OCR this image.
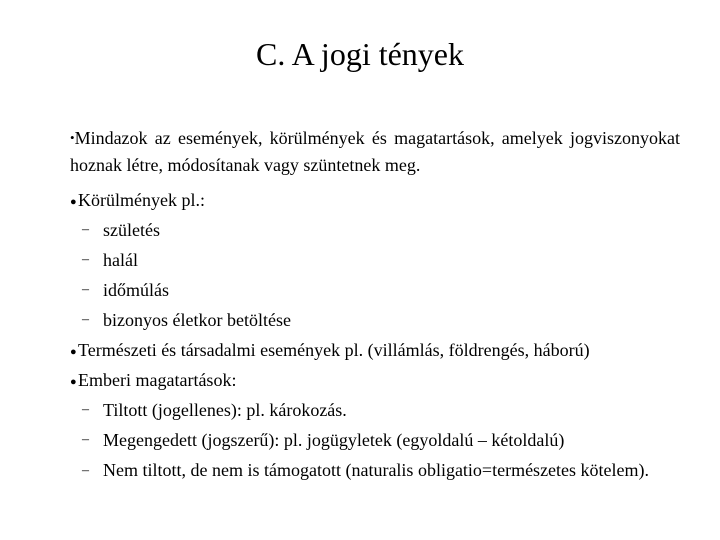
C. A jogi tények

•Mindazok az események, körülmények és magatartások, amelyek jogviszonyokat hoznak létre, módosítanak vagy szüntetnek meg.

●Körülmények pl.:
– születés
– halál
– időmúlás
– bizonyos életkor betöltése
●Természeti és társadalmi események pl. (villámlás, földrengés, háború)
●Emberi magatartások:
– Tiltott (jogellenes): pl. károkozás.
– Megengedett (jogszerű): pl. jogügyletek (egyoldalú – kétoldalú)
– Nem tiltott, de nem is támogatott (naturalis obligatio=természetes kötelem).
